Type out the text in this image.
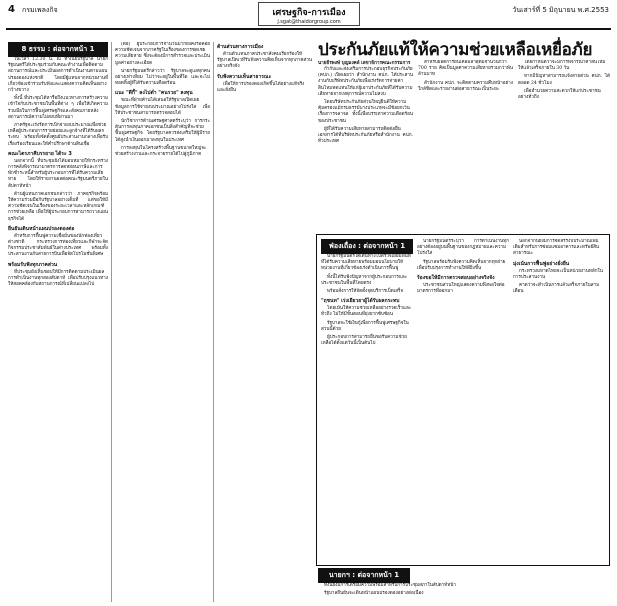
4 กรมเพลงกิจ	เศรษฐกิจ-การเมือง
j.sgat@thaidorgroup.com
วันเสาร์ที่ 5 มิถุนายน พ.ศ.2553
8 ธรรม : ต่อจากหน้า 1

ในเวลา 12.30 น. ณ ทำเนียบรัฐบาล นายกรัฐมนตรีได้ประชุมร่วมกับคณะทำงานเพื่อติดตามสถานการณ์และประเมินผลการดำเนินงานตามแผนปรองดองแห่งชาติ โดยมีผู้แทนจากหน่วยงานที่เกี่ยวข้องเข้าร่วมรับฟังและแสดงความคิดเห็นอย่างกว้างขวาง

ทั้งนี้ ที่ประชุมได้หารือถึงแนวทางการสร้างความเข้าใจกับประชาชนในพื้นที่ต่าง ๆ เพื่อให้เกิดความร่วมมือในการฟื้นฟูเศรษฐกิจและสังคมภายหลังสถานการณ์ความไม่สงบที่ผ่านมา

ภาครัฐจะเร่งรัดการเบิกจ่ายงบประมาณเพื่อช่วยเหลือผู้ประกอบการรายย่อยและลูกจ้างที่ได้รับผลกระทบ พร้อมทั้งจัดตั้งศูนย์ประสานงานกลางเพื่อรับเรื่องร้องเรียนและให้คำปรึกษาด้านสินเชื่อ

คณะไตรภาคีบรรยาย ได้ระ 3

นอกจากนี้ ที่ประชุมยังได้มอบหมายให้กระทรวงการคลังพิจารณามาตรการลดหย่อนภาษีและการพักชำระหนี้สำหรับผู้ประกอบการที่ได้รับความเสียหาย โดยให้รายงานผลต่อคณะรัฐมนตรีภายในสัปดาห์หน้า

ด้านผู้แทนภาคเอกชนกล่าวว่า ภาคธุรกิจพร้อมให้ความร่วมมือกับรัฐบาลอย่างเต็มที่ แต่ขอให้มีความชัดเจนในเรื่องของระยะเวลาและหลักเกณฑ์การช่วยเหลือ เพื่อให้ผู้ประกอบการสามารถวางแผนธุรกิจได้

ยืนยันเดินหน้าแผนปรองดองต่อ

สำหรับการฟื้นฟูความเชื่อมั่นของนักท่องเที่ยวต่างชาติ กระทรวงการท่องเที่ยวและกีฬาจะจัดกิจกรรมประชาสัมพันธ์ในต่างประเทศ พร้อมทั้งประสานงานกับสายการบินเพื่อจัดโปรโมชั่นพิเศษ

พร้อมรับฟังทุกภาคส่วน

ที่ประชุมยังเห็นชอบให้มีการติดตามประเมินผลการดำเนินงานทุกสองสัปดาห์ เพื่อปรับปรุงแนวทางให้สอดคล้องกับสถานการณ์ที่เปลี่ยนแปลงไป

(ต่อ) ผู้ประกอบการจำนวนมากยังคงรอคอยความชัดเจนจากภาครัฐในเรื่องของการชดเชยความเสียหาย ซึ่งจะต้องมีการสำรวจและประเมินมูลค่าอย่างละเอียด

นายกรัฐมนตรีกล่าวว่า รัฐบาลจะดูแลทุกคนอย่างเท่าเทียม ไม่ว่าจะอยู่ในพื้นที่ใด และจะไม่ทอดทิ้งผู้ที่ได้รับความเดือดร้อน

แนะ "ดีกี้" ลงไปต่ำ "คนรวย" ลงทุน

ขณะที่ฝ่ายค้านได้เสนอให้รัฐบาลเปิดเผยข้อมูลการใช้จ่ายงบประมาณอย่างโปร่งใส เพื่อให้ประชาชนสามารถตรวจสอบได้

นักวิชาการด้านเศรษฐศาสตร์ระบุว่า การกระตุ้นการลงทุนภาคเอกชนเป็นสิ่งสำคัญที่จะช่วยฟื้นฟูเศรษฐกิจ โดยรัฐบาลควรส่งเสริมให้ผู้มีรายได้สูงนำเงินออกมาลงทุนในประเทศ

การลงทุนในโครงสร้างพื้นฐานขนาดใหญ่จะช่วยสร้างงานและกระจายรายได้ไปสู่ภูมิภาค

ต้านส่วนทางการเมือง

ด้านตัวแทนภาคประชาสังคมเรียกร้องให้รัฐบาลเปิดเวทีรับฟังความคิดเห็นจากทุกภาคส่วนอย่างจริงจัง

รับฟังความเห็นสาธารณะ

เพื่อให้การปรองดองเกิดขึ้นได้อย่างแท้จริงและยั่งยืน

ประกันภัยแท้ให้ความช่วยเหลือเหยื่อภัย
นายธีรพงษ์ บุญมงคล์ เลขาธิการคณะกรรมการ

กำกับและส่งเสริมการประกอบธุรกิจประกันภัย (คปภ.) เปิดเผยว่า สำนักงาน คปภ. ได้ประสานงานกับบริษัทประกันภัยเพื่อเร่งรัดการจ่ายค่าสินไหมทดแทนให้แก่ผู้เอาประกันภัยที่ได้รับความเสียหายจากเหตุการณ์ความไม่สงบ

โดยบริษัทประกันภัยส่วนใหญ่ยินดีให้ความคุ้มครองแม้กรมธรรม์บางประเภทจะมีข้อยกเว้นเรื่องการจลาจล ทั้งนี้เพื่อบรรเทาความเดือดร้อนของประชาชน

ผู้ที่ได้รับความเสียหายสามารถติดต่อยื่นเอกสารได้ที่บริษัทประกันภัยหรือสำนักงาน คปภ. ทั่วประเทศ

สำหรับยอดการยื่นเคลมล่าสุดมีจำนวนกว่า 700 ราย คิดเป็นมูลค่าความเสียหายรวมกว่าพันล้านบาท

สำนักงาน คปภ. จะติดตามความคืบหน้าอย่างใกล้ชิดและรายงานต่อสาธารณะเป็นระยะ

โดยกำหนดว่าจะมีการพิจารณาค่าสินไหมให้แล้วเสร็จภายใน 30 วัน

หากมีปัญหาสามารถแจ้งสายด่วน คปภ. ได้ตลอด 24 ชั่วโมง

เพื่ออำนวยความสะดวกให้แก่ประชาชนอย่างทั่วถึง

ฟ่องเถื่อง : ต่อจากหน้า 1

นายกรัฐมนตรีได้เดินทางไปตรวจเยี่ยมพื้นที่ที่ได้รับความเสียหายพร้อมมอบนโยบายให้หน่วยงานที่เกี่ยวข้องเร่งดำเนินการฟื้นฟู

ทั้งนี้ได้รับฟังปัญหาจากผู้ประกอบการและประชาชนในพื้นที่โดยตรง

พร้อมสั่งการให้จัดตั้งจุดบริการเบ็ดเสร็จ

"ฤชนท" เร่งเยียวยาผู้ได้รับผลกระทบ

โดยเน้นให้ความช่วยเหลืออย่างรวดเร็วและทั่วถึง ไม่ให้มีขั้นตอนที่ยุ่งยากซับซ้อน

รัฐบาลจะใช้เงินกู้เพื่อการฟื้นฟูเศรษฐกิจในส่วนนี้ด้วย

ผู้ประกอบการสามารถยื่นขอรับความช่วยเหลือได้ตั้งแต่วันนี้เป็นต้นไป

นายกรัฐมนตรีระบุว่า การดำเนินงานทุกอย่างต้องอยู่บนพื้นฐานของกฎหมายและความโปร่งใส

รัฐบาลพร้อมรับฟังความคิดเห็นจากทุกฝ่ายเพื่อปรับปรุงการทำงานให้ดียิ่งขึ้น

ร้องขอให้มีการตรวจสอบอย่างจริงจัง

ประชาชนส่วนใหญ่แสดงความพึงพอใจต่อมาตรการที่ออกมา

นอกจากนี้ยังมีการจัดสรรงบประมาณเพิ่มเติมสำหรับการซ่อมแซมอาคารและทรัพย์สินสาธารณะ

มุ่งเน้นการฟื้นฟูอย่างยั่งยืน

กระทรวงมหาดไทยจะเป็นหน่วยงานหลักในการประสานงาน

คาดว่าจะดำเนินการแล้วเสร็จภายในสามเดือน

นายกฯ : ต่อจากหน้า 1

ทั้งนี้ยังมีการเตรียมความพร้อมสำหรับการประชุมสภาในสัปดาห์หน้า

รัฐบาลยืนยันจะเดินหน้าแผนปรองดองอย่างต่อเนื่อง
